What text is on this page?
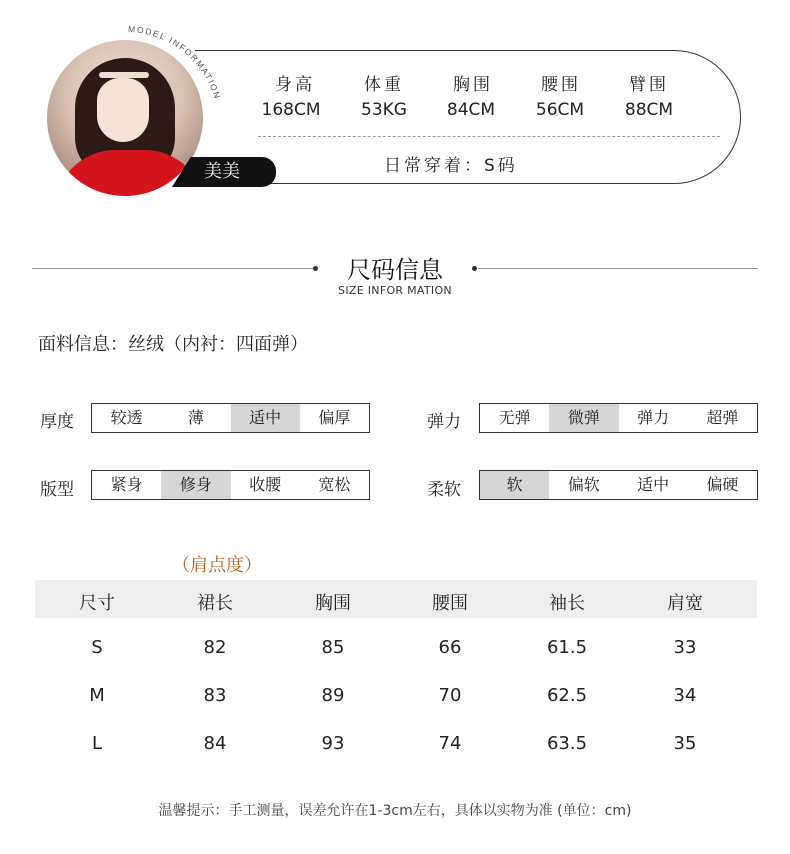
MODEL INFORMATION
美美
身高	体重	胸围	腰围	臂围
168CM	53KG	84CM	56CM	88CM
日常穿着：S码
尺码信息
SIZE INFOR MATION
面料信息：丝绒（内衬：四面弹）
厚度	较透	薄	适中	偏厚	弹力	无弹	微弹	弹力	超弹
版型	紧身	修身	收腰	宽松	柔软	软	偏软	适中	偏硬
（肩点度）
尺寸	裙长	胸围	腰围	袖长	肩宽
S	82	85	66	61.5	33
M	83	89	70	62.5	34
L	84	93	74	63.5	35
温馨提示：手工测量，误差允许在1-3cm左右，具体以实物为准 (单位：cm)
